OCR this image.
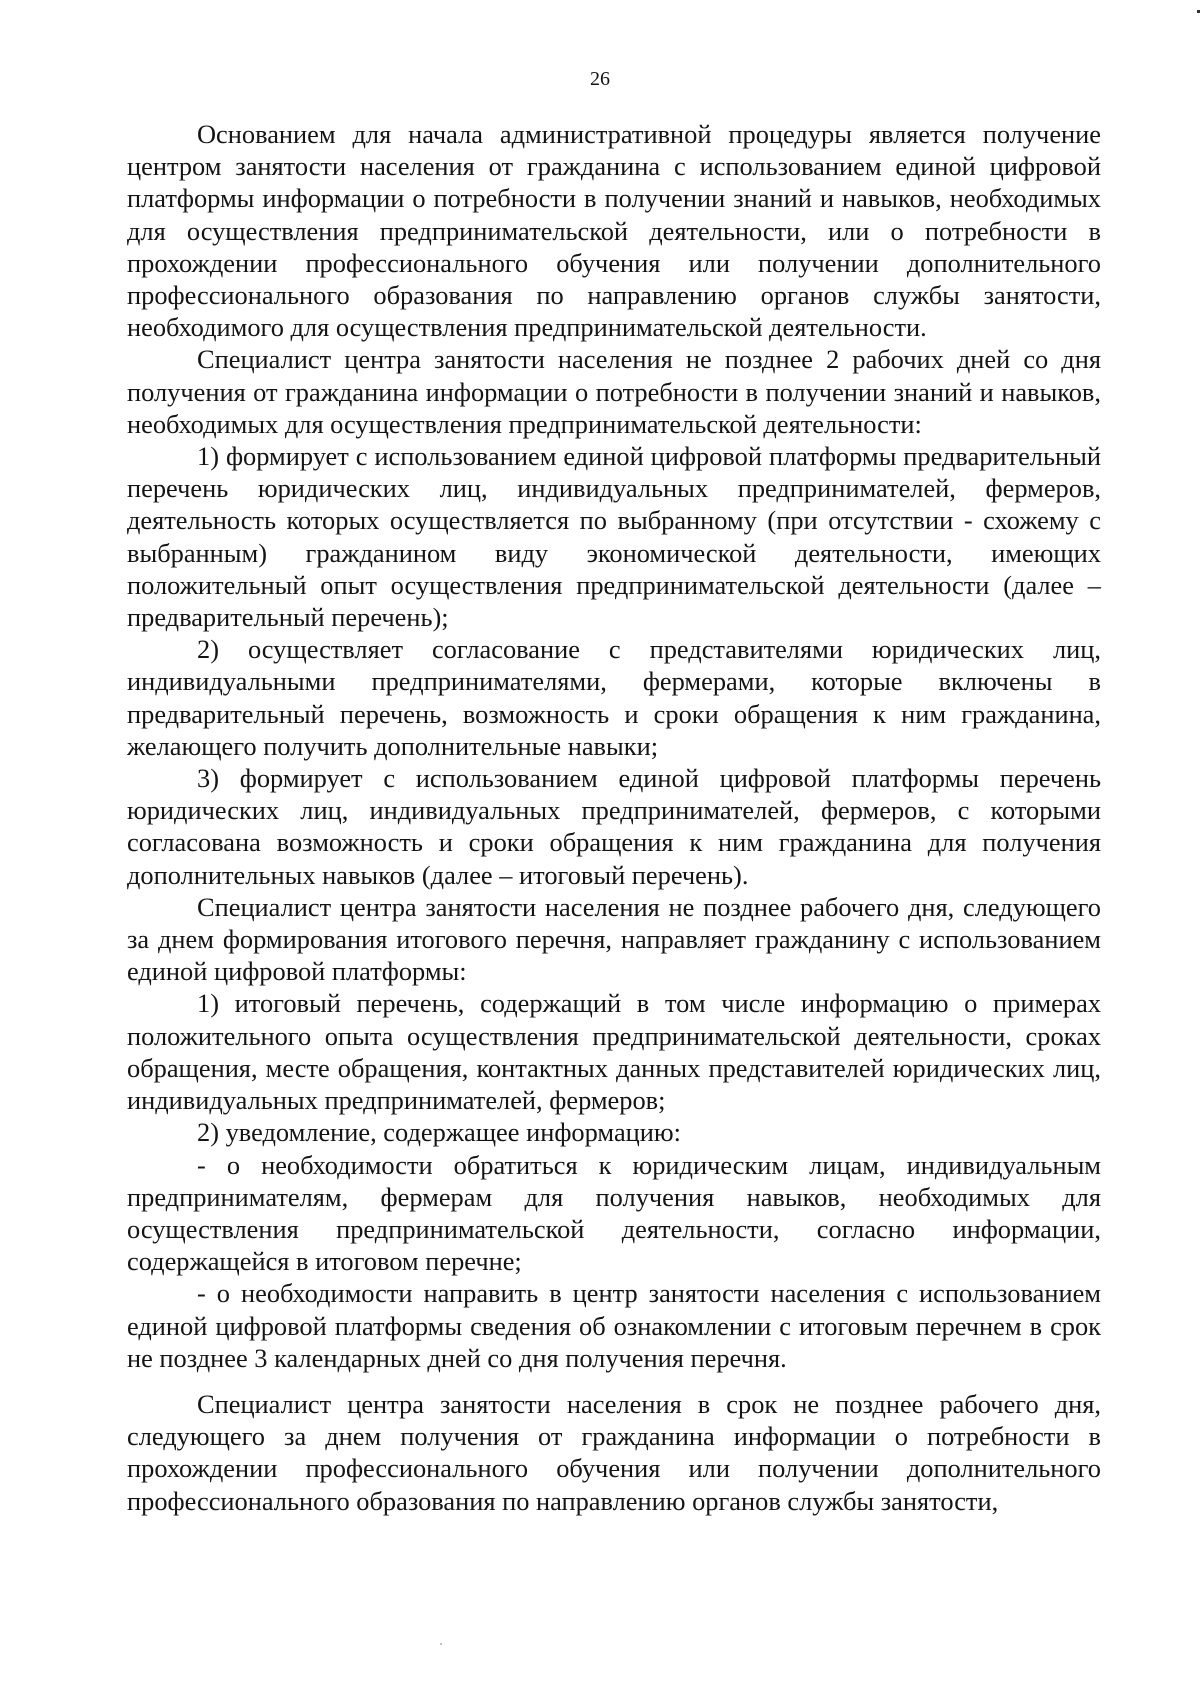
26

Основанием для начала административной процедуры является получение центром занятости населения от гражданина с использованием единой цифровой платформы информации о потребности в получении знаний и навыков, необходимых для осуществления предпринимательской деятельности, или о потребности в прохождении профессионального обучения или получении дополнительного профессионального образования по направлению органов службы занятости, необходимого для осуществления предпринимательской деятельности.

Специалист центра занятости населения не позднее 2 рабочих дней со дня получения от гражданина информации о потребности в получении знаний и навыков, необходимых для осуществления предпринимательской деятельности:

1) формирует с использованием единой цифровой платформы предварительный перечень юридических лиц, индивидуальных предпринимателей, фермеров, деятельность которых осуществляется по выбранному (при отсутствии - схожему с выбранным) гражданином виду экономической деятельности, имеющих положительный опыт осуществления предпринимательской деятельности (далее – предварительный перечень);

2) осуществляет согласование с представителями юридических лиц, индивидуальными предпринимателями, фермерами, которые включены в предварительный перечень, возможность и сроки обращения к ним гражданина, желающего получить дополнительные навыки;

3) формирует с использованием единой цифровой платформы перечень юридических лиц, индивидуальных предпринимателей, фермеров, с которыми согласована возможность и сроки обращения к ним гражданина для получения дополнительных навыков (далее – итоговый перечень).

Специалист центра занятости населения не позднее рабочего дня, следующего за днем формирования итогового перечня, направляет гражданину с использованием единой цифровой платформы:

1) итоговый перечень, содержащий в том числе информацию о примерах положительного опыта осуществления предпринимательской деятельности, сроках обращения, месте обращения, контактных данных представителей юридических лиц, индивидуальных предпринимателей, фермеров;

2) уведомление, содержащее информацию:

- о необходимости обратиться к юридическим лицам, индивидуальным предпринимателям, фермерам для получения навыков, необходимых для осуществления предпринимательской деятельности, согласно информации, содержащейся в итоговом перечне;

- о необходимости направить в центр занятости населения с использованием единой цифровой платформы сведения об ознакомлении с итоговым перечнем в срок не позднее 3 календарных дней со дня получения перечня.

Специалист центра занятости населения в срок не позднее рабочего дня, следующего за днем получения от гражданина информации о потребности в прохождении профессионального обучения или получении дополнительного профессионального образования по направлению органов службы занятости,
